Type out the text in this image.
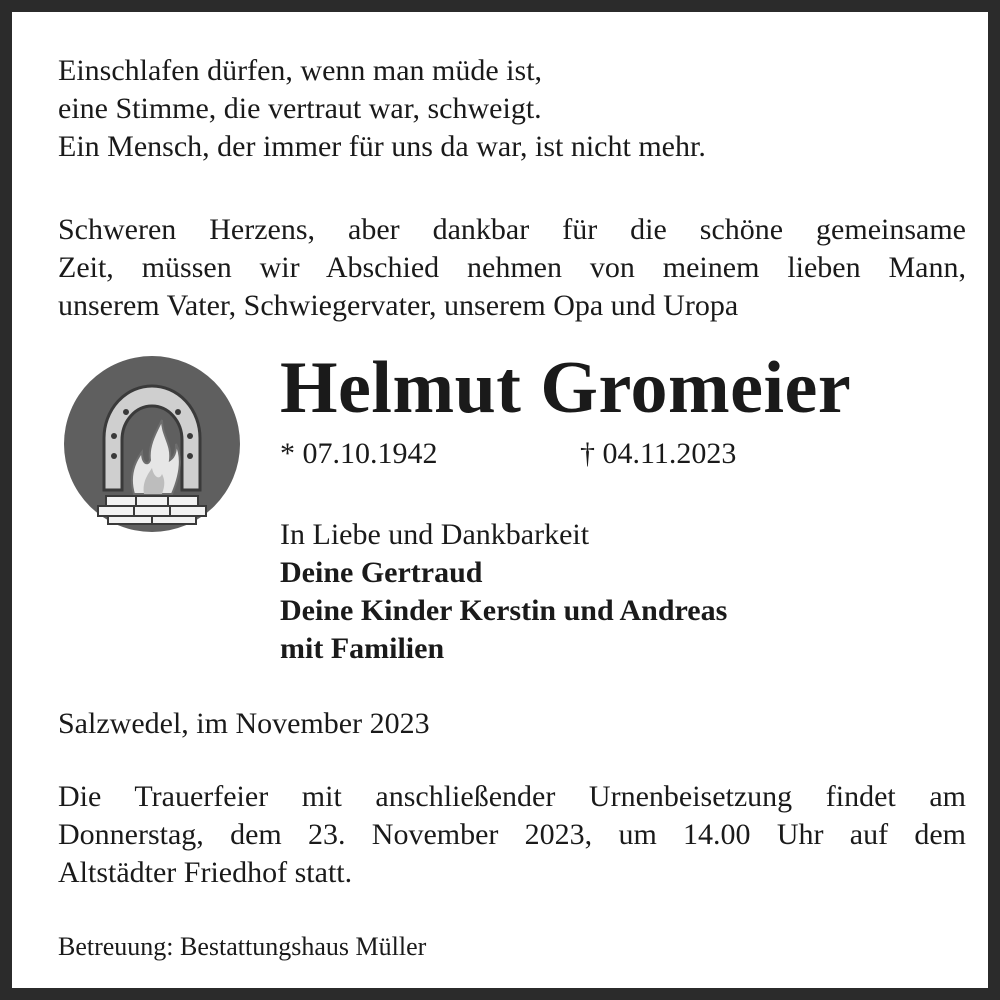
Einschlafen dürfen, wenn man müde ist,
eine Stimme, die vertraut war, schweigt.
Ein Mensch, der immer für uns da war, ist nicht mehr.
Schweren Herzens, aber dankbar für die schöne gemeinsame
Zeit, müssen wir Abschied nehmen von meinem lieben Mann,
unserem Vater, Schwiegervater, unserem Opa und Uropa
Helmut Gromeier
* 07.10.1942	† 04.11.2023
In Liebe und Dankbarkeit
Deine Gertraud
Deine Kinder Kerstin und Andreas
mit Familien
Salzwedel, im November 2023
Die Trauerfeier mit anschließender Urnenbeisetzung findet am
Donnerstag, dem 23. November 2023, um 14.00 Uhr auf dem
Altstädter Friedhof statt.
Betreuung: Bestattungshaus Müller
